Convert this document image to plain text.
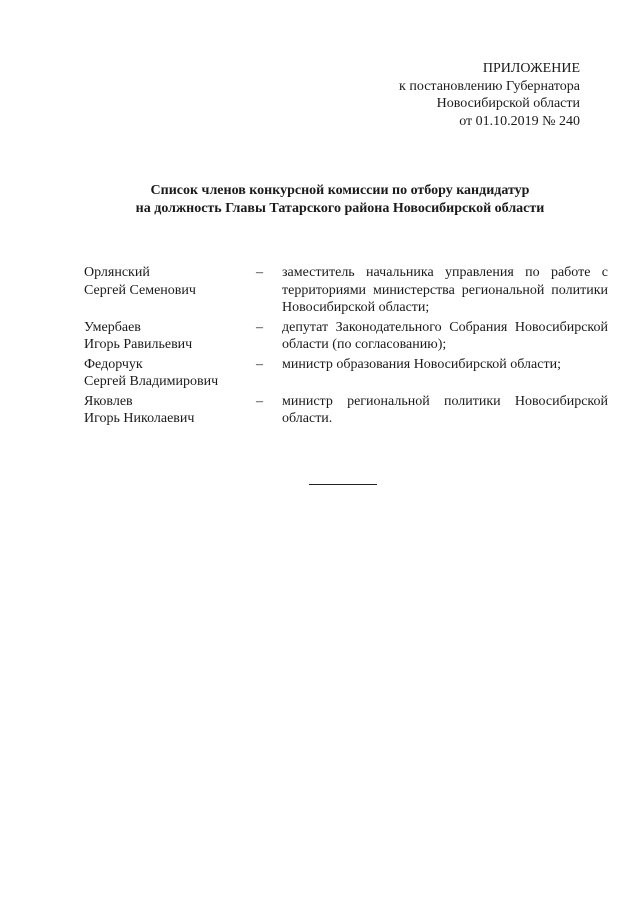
ПРИЛОЖЕНИЕ
к постановлению Губернатора
Новосибирской области
от 01.10.2019 № 240
Список членов конкурсной комиссии по отбору кандидатур
на должность Главы Татарского района Новосибирской области
Орлянский
Сергей Семенович
–	заместитель начальника управления по работе с территориями министерства региональной политики Новосибирской области;
Умербаев
Игорь Равильевич
–	депутат Законодательного Собрания Новосибирской области (по согласованию);
Федорчук
Сергей Владимирович
–	министр образования Новосибирской области;
Яковлев
Игорь Николаевич
–	министр региональной политики Новосибирской области.
